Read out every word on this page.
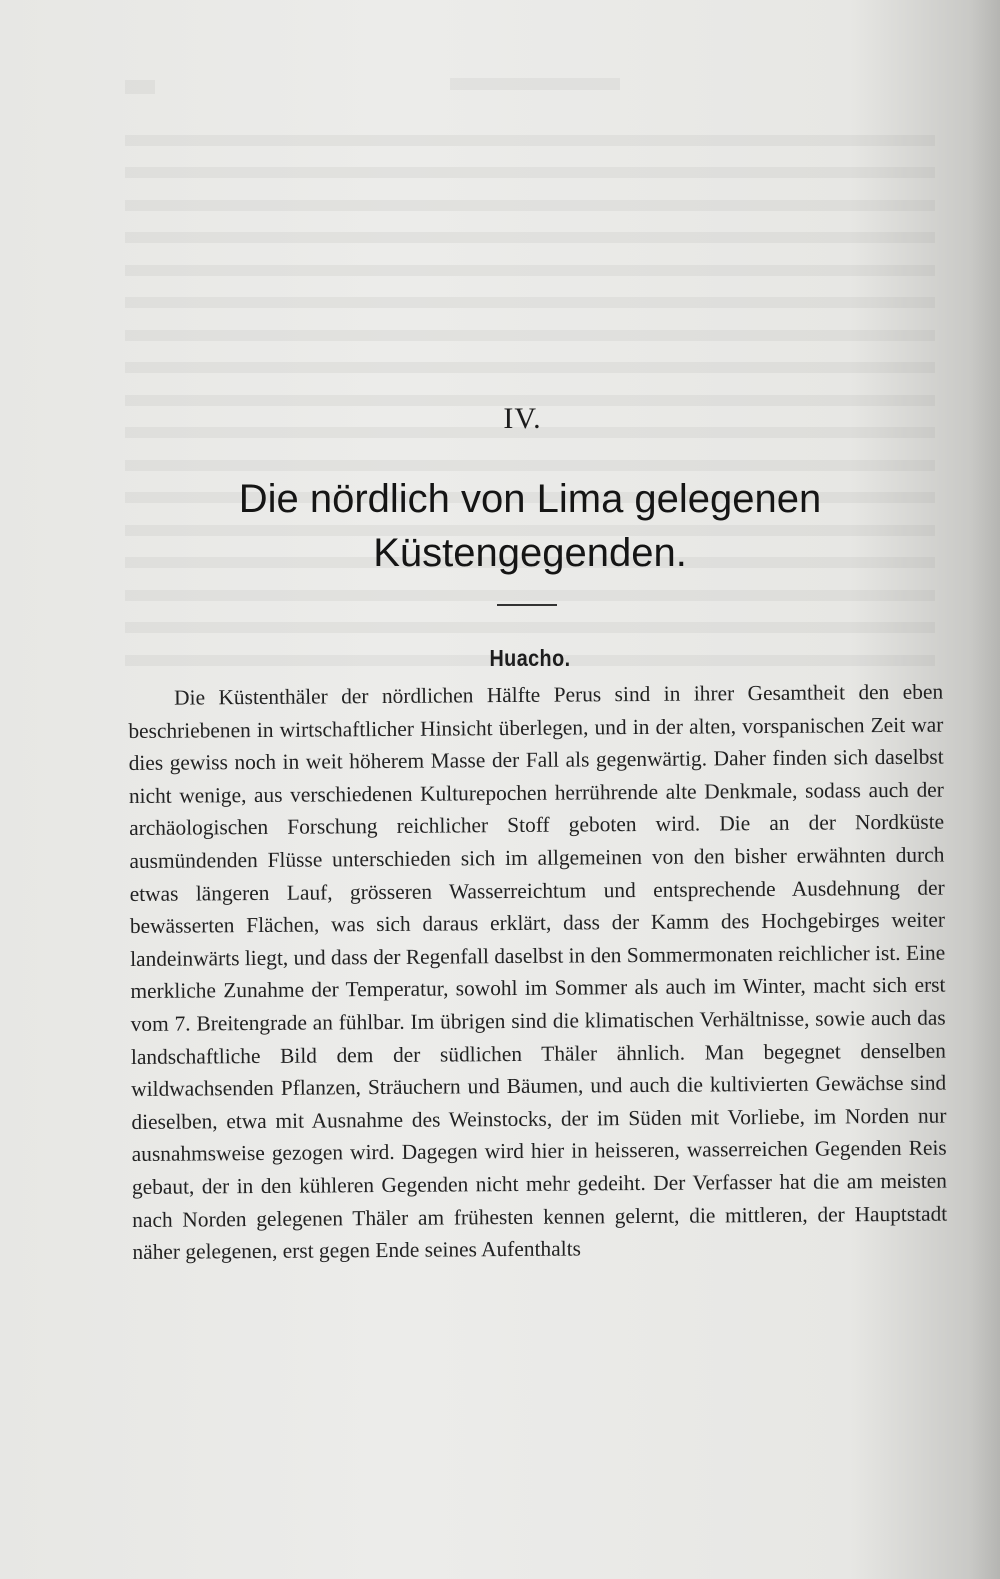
IV.
Die nördlich von Lima gelegenen
Küstengegenden.
Huacho.

Die Küstenthäler der nördlichen Hälfte Perus sind in ihrer Gesamtheit den eben beschriebenen in wirtschaftlicher Hinsicht überlegen, und in der alten, vorspanischen Zeit war dies gewiss noch in weit höherem Masse der Fall als gegenwärtig. Daher finden sich daselbst nicht wenige, aus verschiedenen Kulturepochen herrührende alte Denkmale, sodass auch der archäologischen Forschung reichlicher Stoff geboten wird. Die an der Nordküste ausmündenden Flüsse unterschieden sich im allgemeinen von den bisher erwähnten durch etwas längeren Lauf, grösseren Wasserreichtum und entsprechende Ausdehnung der bewässerten Flächen, was sich daraus erklärt, dass der Kamm des Hochgebirges weiter landeinwärts liegt, und dass der Regenfall daselbst in den Sommermonaten reichlicher ist. Eine merkliche Zunahme der Temperatur, sowohl im Sommer als auch im Winter, macht sich erst vom 7. Breitengrade an fühlbar. Im übrigen sind die klimatischen Verhältnisse, sowie auch das landschaftliche Bild dem der südlichen Thäler ähnlich. Man begegnet denselben wildwachsenden Pflanzen, Sträuchern und Bäumen, und auch die kultivierten Gewächse sind dieselben, etwa mit Ausnahme des Weinstocks, der im Süden mit Vorliebe, im Norden nur ausnahmsweise gezogen wird. Dagegen wird hier in heisseren, wasserreichen Gegenden Reis gebaut, der in den kühleren Gegenden nicht mehr gedeiht. Der Verfasser hat die am meisten nach Norden gelegenen Thäler am frühesten kennen gelernt, die mittleren, der Hauptstadt näher gelegenen, erst gegen Ende seines Aufenthalts
